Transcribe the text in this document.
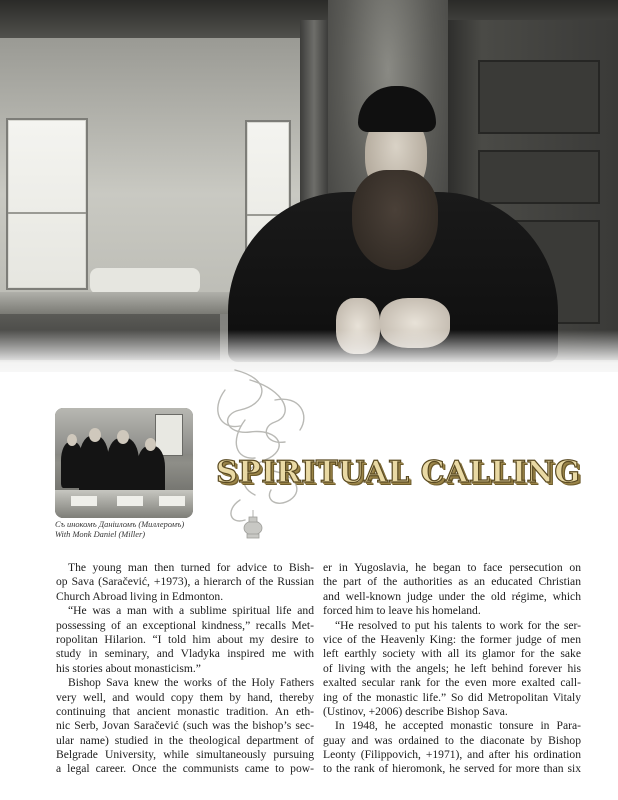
Съ инокомъ Даніиломъ (Миллеромъ)
With Monk Daniel (Miller)
SPIRITUAL CALLING
The young man then turned for advice to Bish-
op Sava (Saračević, +1973), a hierarch of the Russian
Church Abroad living in Edmonton.
“He was a man with a sublime spiritual life and
possessing of an exceptional kindness,” recalls Met-
ropolitan Hilarion. “I told him about my desire to
study in seminary, and Vladyka inspired me with
his stories about monasticism.”
Bishop Sava knew the works of the Holy Fathers
very well, and would copy them by hand, thereby
continuing that ancient monastic tradition. An eth-
nic Serb, Jovan Saračević (such was the bishop’s sec-
ular name) studied in the theological department of
Belgrade University, while simultaneously pursuing
a legal career. Once the communists came to pow-
er in Yugoslavia, he began to face persecution on
the part of the authorities as an educated Christian
and well-known judge under the old régime, which
forced him to leave his homeland.
“He resolved to put his talents to work for the ser-
vice of the Heavenly King: the former judge of men
left earthly society with all its glamor for the sake
of living with the angels; he left behind forever his
exalted secular rank for the even more exalted call-
ing of the monastic life.” So did Metropolitan Vitaly
(Ustinov, +2006) describe Bishop Sava.
In 1948, he accepted monastic tonsure in Para-
guay and was ordained to the diaconate by Bishop
Leonty (Filippovich, +1971), and after his ordination
to the rank of hieromonk, he served for more than six
